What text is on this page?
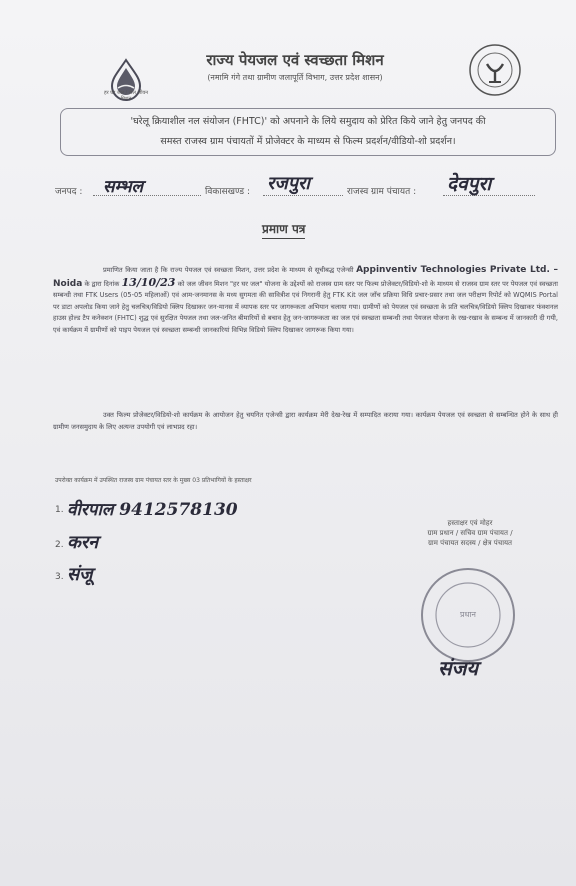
हर घर जल / जल जीवन मिशन
राज्य पेयजल एवं स्वच्छता मिशन
(नमामि गंगे तथा ग्रामीण जलापूर्ति विभाग, उत्तर प्रदेश शासन)
'घरेलू क्रियाशील नल संयोजन (FHTC)' को अपनाने के लिये समुदाय को प्रेरित किये जाने हेतु जनपद की
समस्त राजस्व ग्राम पंचायतों में प्रोजेक्टर के माध्यम से फिल्म प्रदर्शन/वीडियो-शो प्रदर्शन।
जनपद : सम्भल	विकासखण्ड : रजपुरा	राजस्व ग्राम पंचायत : देवपुरा
प्रमाण पत्र

प्रमाणित किया जाता है कि राज्य पेयजल एवं स्वच्छता मिशन, उत्तर प्रदेश के माध्यम से सूचीबद्ध एजेन्सी Appinventiv Technologies Private Ltd. – Noida के द्वारा दिनांक 13/10/23 को जल जीवन मिशन "हर घर जल" योजना के उद्देश्यों को राजस्व ग्राम स्तर पर फिल्म प्रोजेक्टर/विडियो-शो के माध्यम से राजस्व ग्राम स्तर पर पेयजल एवं स्वच्छता सम्बन्धी तथा FTK Users (05-05 महिलाओं) एवं आम-जनमानस के मध्य सुगमता की सावित्रीश एवं निगरानी हेतु FTK Kit जल जाँच प्रक्रिया विधि प्रचार-प्रसार तथा जल परीक्षण रिपोर्ट को WQMIS Portal पर डाटा अपलोड किया जाने हेतु चलचित्र/विडियो क्लिप दिखाकर जन-मानस में व्यापक स्तर पर जागरूकता अभियान चलाया गया। ग्रामीणों को पेयजल एवं स्वच्छता के प्रति चलचित्र/विडियो क्लिप दिखाकर फंक्शनल हाउस होल्ड टैप कनेक्शन (FHTC) शुद्ध एवं सुरक्षित पेयजल तथा जल-जनित बीमारियों से बचाव हेतु जन-जागरूकता का जल एवं स्वच्छता सम्बन्धी तथा पेयजल योजना के रख-रखाव के सम्बन्ध में जानकारी दी गयी, एवं कार्यक्रम में ग्रामीणों को पाइप पेयजल एवं स्वच्छता सम्बन्धी जानकारियां विभिन्न विडियो क्लिप दिखाकर जागरूक किया गया।

उक्त फिल्म प्रोजेक्टर/विडियो-शो कार्यक्रम के आयोजन हेतु चयनित एजेन्सी द्वारा कार्यक्रम मेरी देख-रेख में सम्पादित कराया गया। कार्यक्रम पेयजल एवं स्वच्छता से सम्बन्धित होने के साथ ही ग्रामीण जनसमुदाय के लिए अत्यन्त उपयोगी एवं लाभप्रद रहा।

उपरोक्त कार्यक्रम में उपस्थित राजस्व ग्राम पंचायत स्तर के मुख्य 03 प्रतिभागियों के हस्ताक्षर
1. वीरपाल 9412578130
2. करन
3. संजू
हस्ताक्षर एवं मोहर
ग्राम प्रधान / सचिव ग्राम पंचायत /
ग्राम पंचायत सदस्य / क्षेत्र पंचायत
प्रधान
संजय
